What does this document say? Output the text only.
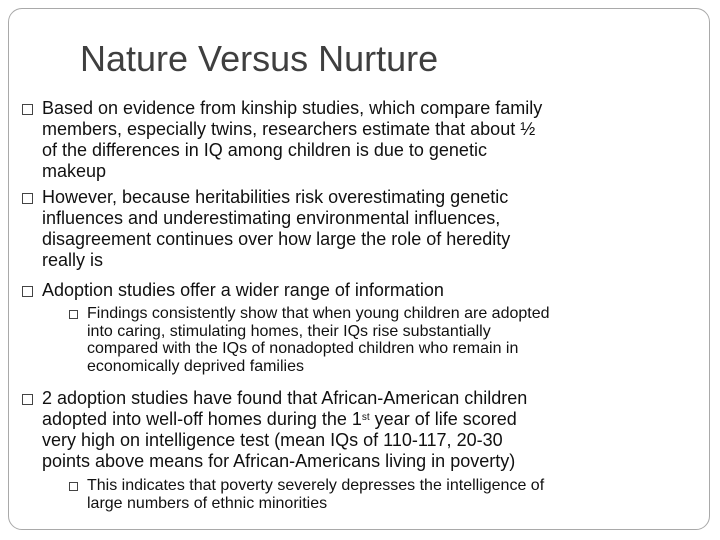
Nature Versus Nurture
Based on evidence from kinship studies, which compare family
members, especially twins, researchers estimate that about ½
of the differences in IQ among children is due to genetic
makeup
However, because heritabilities risk overestimating genetic
influences and underestimating environmental influences,
disagreement continues over how large the role of heredity
really is
Adoption studies offer a wider range of information
Findings consistently show that when young children are adopted
into caring, stimulating homes, their IQs rise substantially
compared with the IQs of nonadopted children who remain in
economically deprived families
2 adoption studies have found that African-American children
adopted into well-off homes during the 1st year of life scored
very high on intelligence test (mean IQs of 110-117, 20-30
points above means for African-Americans living in poverty)
This indicates that poverty severely depresses the intelligence of
large numbers of ethnic minorities
